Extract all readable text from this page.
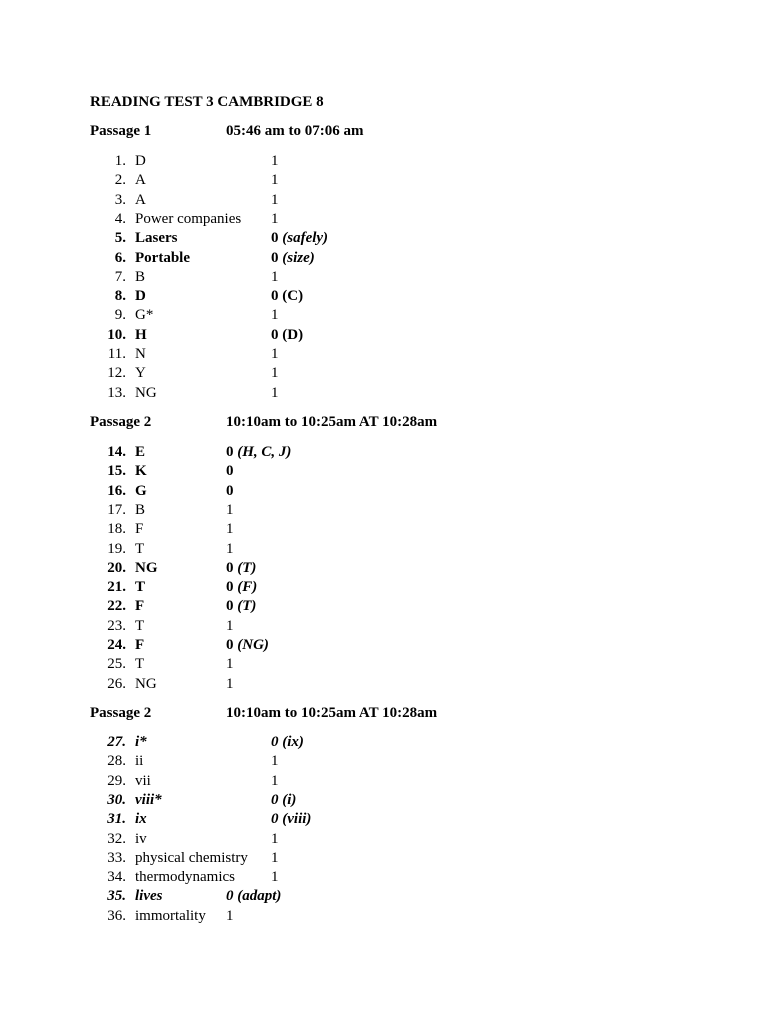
READING TEST 3 CAMBRIDGE 8
Passage 1	05:46 am to 07:06 am
1. D	1
2. A	1
3. A	1
4. Power companies 1
5. Lasers	0 (safely)
6. Portable	0 (size)
7. B	1
8. D	0 (C)
9. G*	1
10. H	0 (D)
11. N	1
12. Y	1
13. NG	1
Passage 2	10:10am to 10:25am AT 10:28am
14. E	0 (H, C, J)
15. K	0
16. G	0
17. B	1
18. F	1
19. T	1
20. NG	0 (T)
21. T	0 (F)
22. F	0 (T)
23. T	1
24. F	0 (NG)
25. T	1
26. NG	1
Passage 2	10:10am to 10:25am AT 10:28am
27. i*	0 (ix)
28. ii	1
29. vii	1
30. viii*	0 (i)
31. ix	0 (viii)
32. iv	1
33. physical chemistry 1
34. thermodynamics 1
35. lives	0 (adapt)
36. immortality 1
